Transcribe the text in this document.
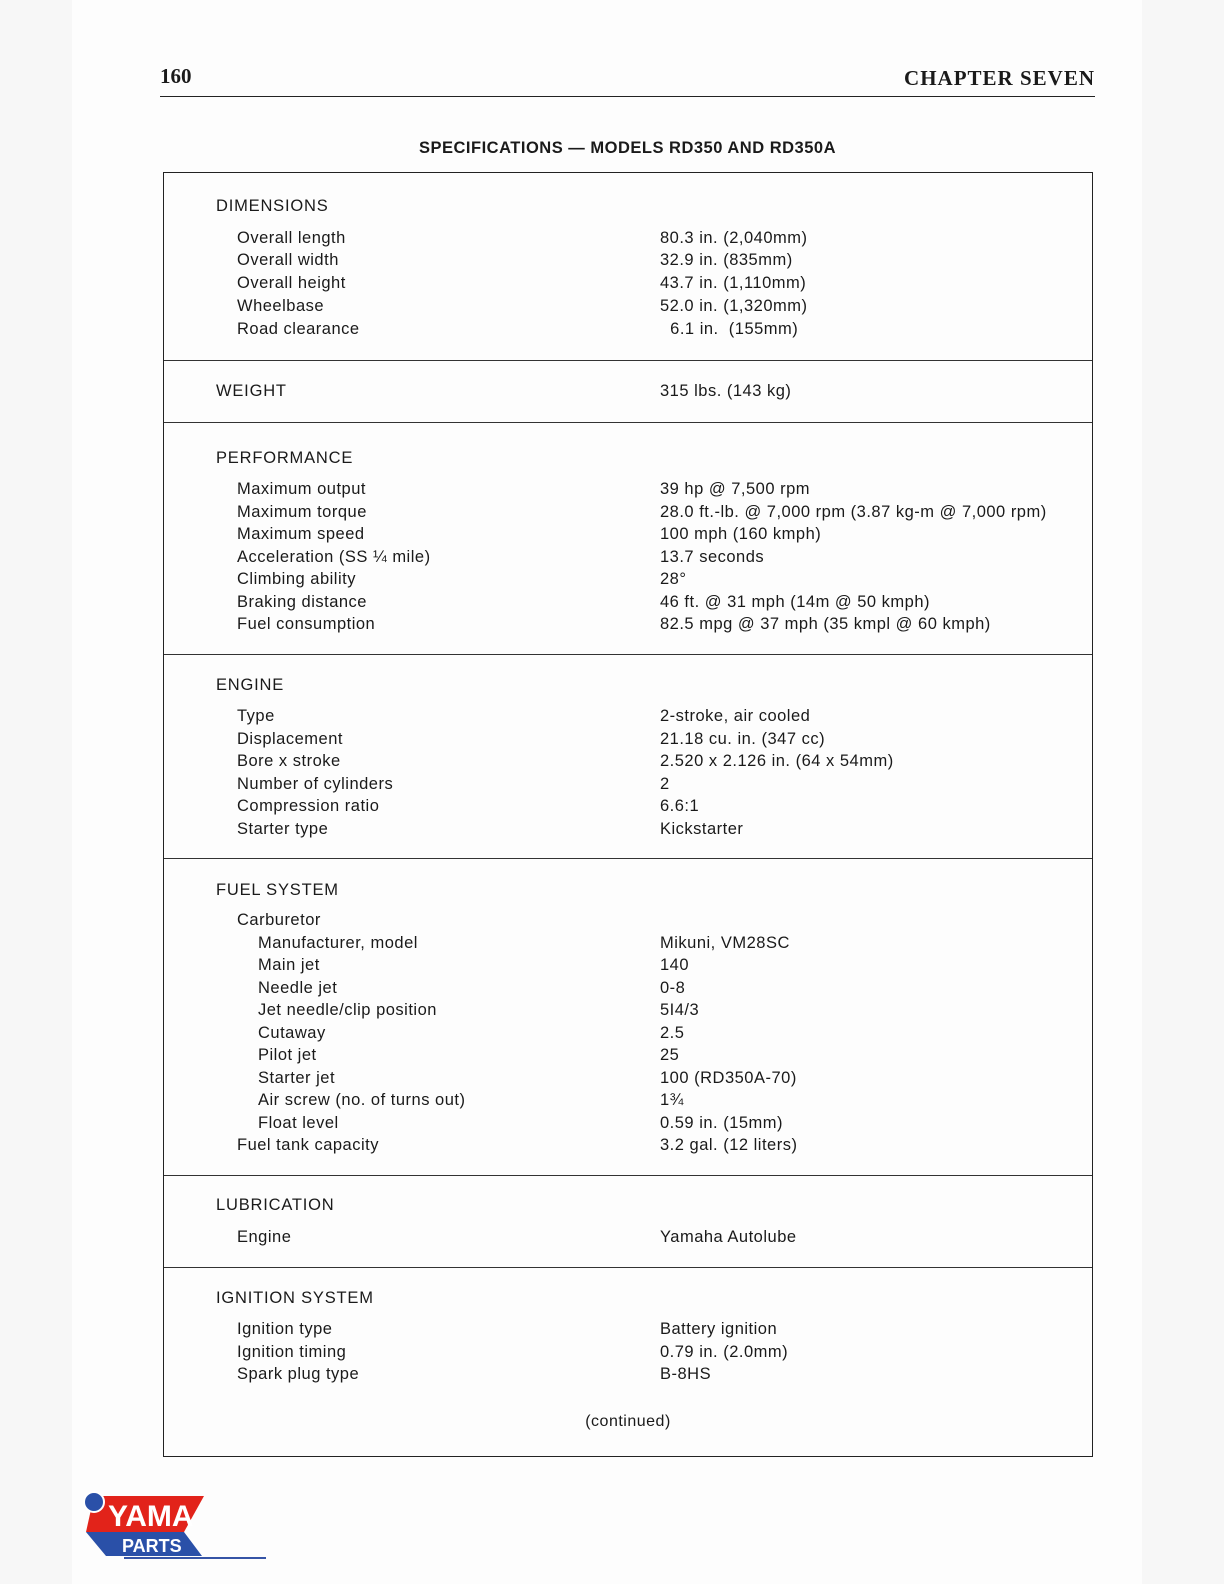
160	CHAPTER SEVEN
SPECIFICATIONS — MODELS RD350 AND RD350A
DIMENSIONS
Overall length	80.3 in. (2,040mm)
Overall width	32.9 in. (835mm)
Overall height	43.7 in. (1,110mm)
Wheelbase	52.0 in. (1,320mm)
Road clearance	6.1 in.  (155mm)
WEIGHT	315 lbs. (143 kg)
PERFORMANCE
Maximum output	39 hp @ 7,500 rpm
Maximum torque	28.0 ft.-lb. @ 7,000 rpm (3.87 kg-m @ 7,000 rpm)
Maximum speed	100 mph (160 kmph)
Acceleration (SS ¼ mile)	13.7 seconds
Climbing ability	28°
Braking distance	46 ft. @ 31 mph (14m @ 50 kmph)
Fuel consumption	82.5 mpg @ 37 mph (35 kmpl @ 60 kmph)
ENGINE
Type	2-stroke, air cooled
Displacement	21.18 cu. in. (347 cc)
Bore x stroke	2.520 x 2.126 in. (64 x 54mm)
Number of cylinders	2
Compression ratio	6.6:1
Starter type	Kickstarter
FUEL SYSTEM
Carburetor
Manufacturer, model	Mikuni, VM28SC
Main jet	140
Needle jet	0-8
Jet needle/clip position	5I4/3
Cutaway	2.5
Pilot jet	25
Starter jet	100 (RD350A-70)
Air screw (no. of turns out)	1¾
Float level	0.59 in. (15mm)
Fuel tank capacity	3.2 gal. (12 liters)
LUBRICATION
Engine	Yamaha Autolube
IGNITION SYSTEM
Ignition type	Battery ignition
Ignition timing	0.79 in. (2.0mm)
Spark plug type	B-8HS
(continued)
YAMA
PARTS
